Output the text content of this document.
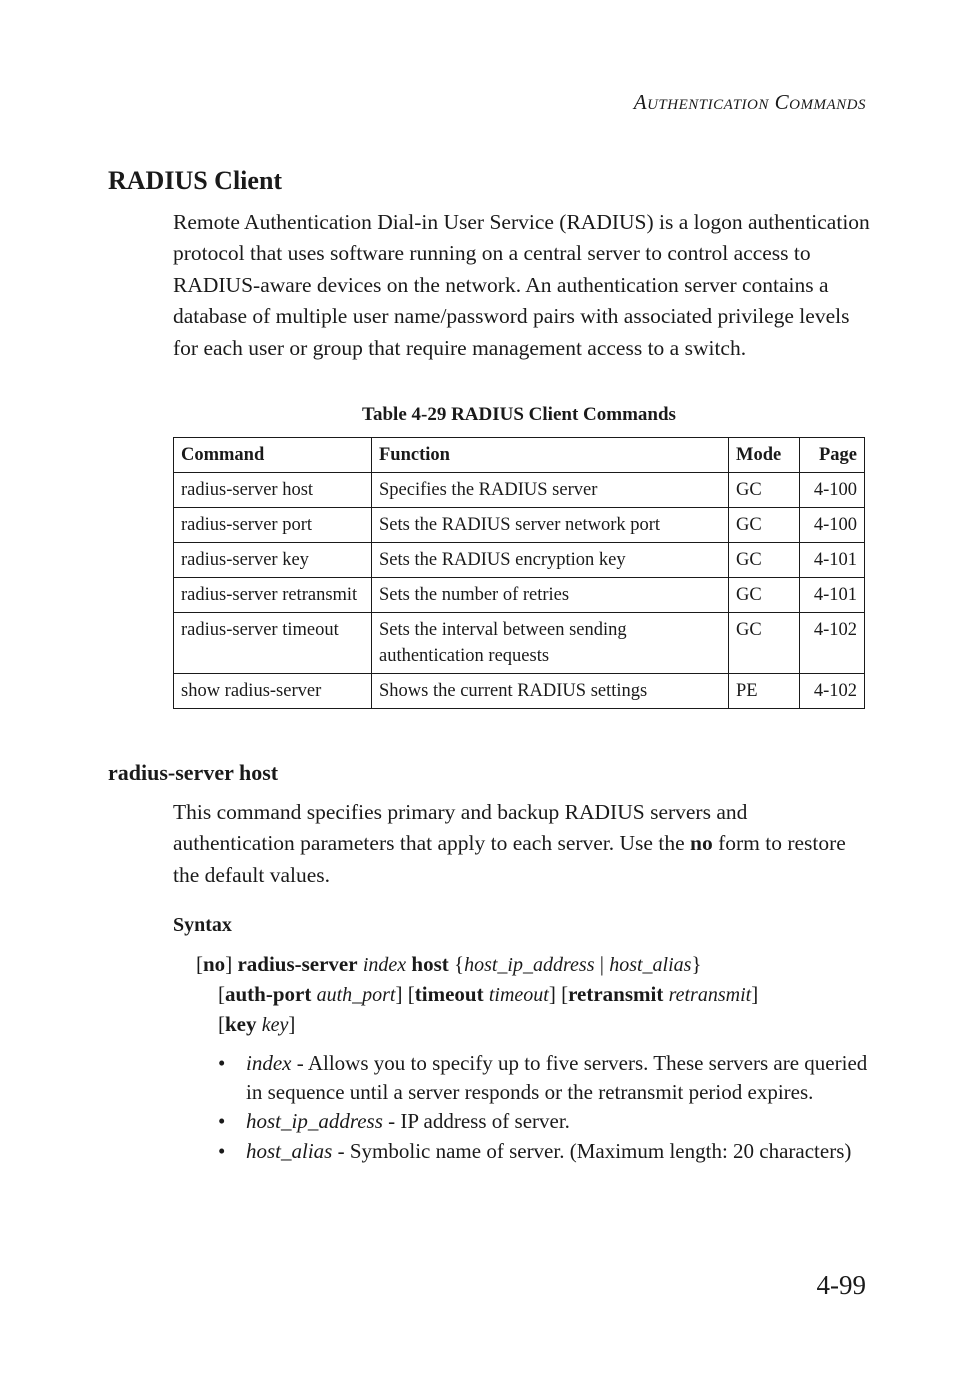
AUTHENTICATION COMMANDS
RADIUS Client
Remote Authentication Dial-in User Service (RADIUS) is a logon authentication protocol that uses software running on a central server to control access to RADIUS-aware devices on the network. An authentication server contains a database of multiple user name/password pairs with associated privilege levels for each user or group that require management access to a switch.
Table 4-29 RADIUS Client Commands
Command	Function	Mode	Page
radius-server host	Specifies the RADIUS server	GC	4-100
radius-server port	Sets the RADIUS server network port	GC	4-100
radius-server key	Sets the RADIUS encryption key	GC	4-101
radius-server retransmit	Sets the number of retries	GC	4-101
radius-server timeout	Sets the interval between sending authentication requests	GC	4-102
show radius-server	Shows the current RADIUS settings	PE	4-102
radius-server host
This command specifies primary and backup RADIUS servers and authentication parameters that apply to each server. Use the no form to restore the default values.
Syntax
[no] radius-server index host {host_ip_address | host_alias}
[auth-port auth_port] [timeout timeout] [retransmit retransmit]
[key key]
• index - Allows you to specify up to five servers. These servers are queried in sequence until a server responds or the retransmit period expires.
• host_ip_address - IP address of server.
• host_alias - Symbolic name of server. (Maximum length: 20 characters)
4-99
